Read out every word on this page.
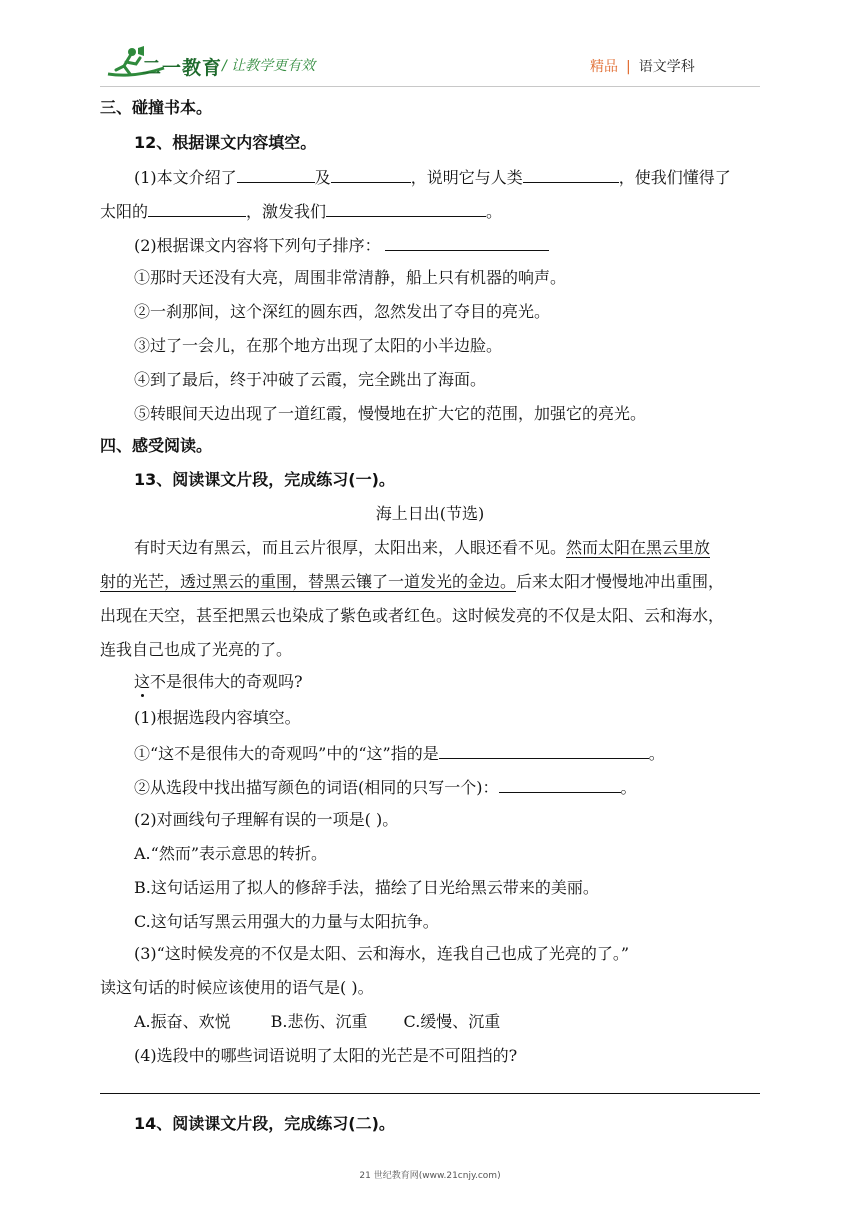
二一教育 / 让教学更有效	精品 | 语文学科
三、碰撞书本。
12、根据课文内容填空。
(1)本文介绍了	及	，说明它与人类	，使我们懂得了
太阳的	，激发我们	。
(2)根据课文内容将下列句子排序：
①那时天还没有大亮，周围非常清静，船上只有机器的响声。
②一刹那间，这个深红的圆东西，忽然发出了夺目的亮光。
③过了一会儿，在那个地方出现了太阳的小半边脸。
④到了最后，终于冲破了云霞，完全跳出了海面。
⑤转眼间天边出现了一道红霞，慢慢地在扩大它的范围，加强它的亮光。
四、感受阅读。
13、阅读课文片段，完成练习(一)。
海上日出(节选)
有时天边有黑云，而且云片很厚，太阳出来，人眼还看不见。然而太阳在黑云里放
射的光芒，透过黑云的重围，替黑云镶了一道发光的金边。后来太阳才慢慢地冲出重围，
出现在天空，甚至把黑云也染成了紫色或者红色。这时候发亮的不仅是太阳、云和海水，
连我自己也成了光亮的了。
这不是很伟大的奇观吗?
(1)根据选段内容填空。
①“这不是很伟大的奇观吗”中的“这”指的是	。
②从选段中找出描写颜色的词语(相同的只写一个)：	。
(2)对画线句子理解有误的一项是( )。
A.“然而”表示意思的转折。
B.这句话运用了拟人的修辞手法，描绘了日光给黑云带来的美丽。
C.这句话写黑云用强大的力量与太阳抗争。
(3)“这时候发亮的不仅是太阳、云和海水，连我自己也成了光亮的了。”
读这句话的时候应该使用的语气是( )。
A.振奋、欢悦	B.悲伤、沉重 C.缓慢、沉重
(4)选段中的哪些词语说明了太阳的光芒是不可阻挡的?
14、阅读课文片段，完成练习(二)。
21 世纪教育网(www.21cnjy.com)
